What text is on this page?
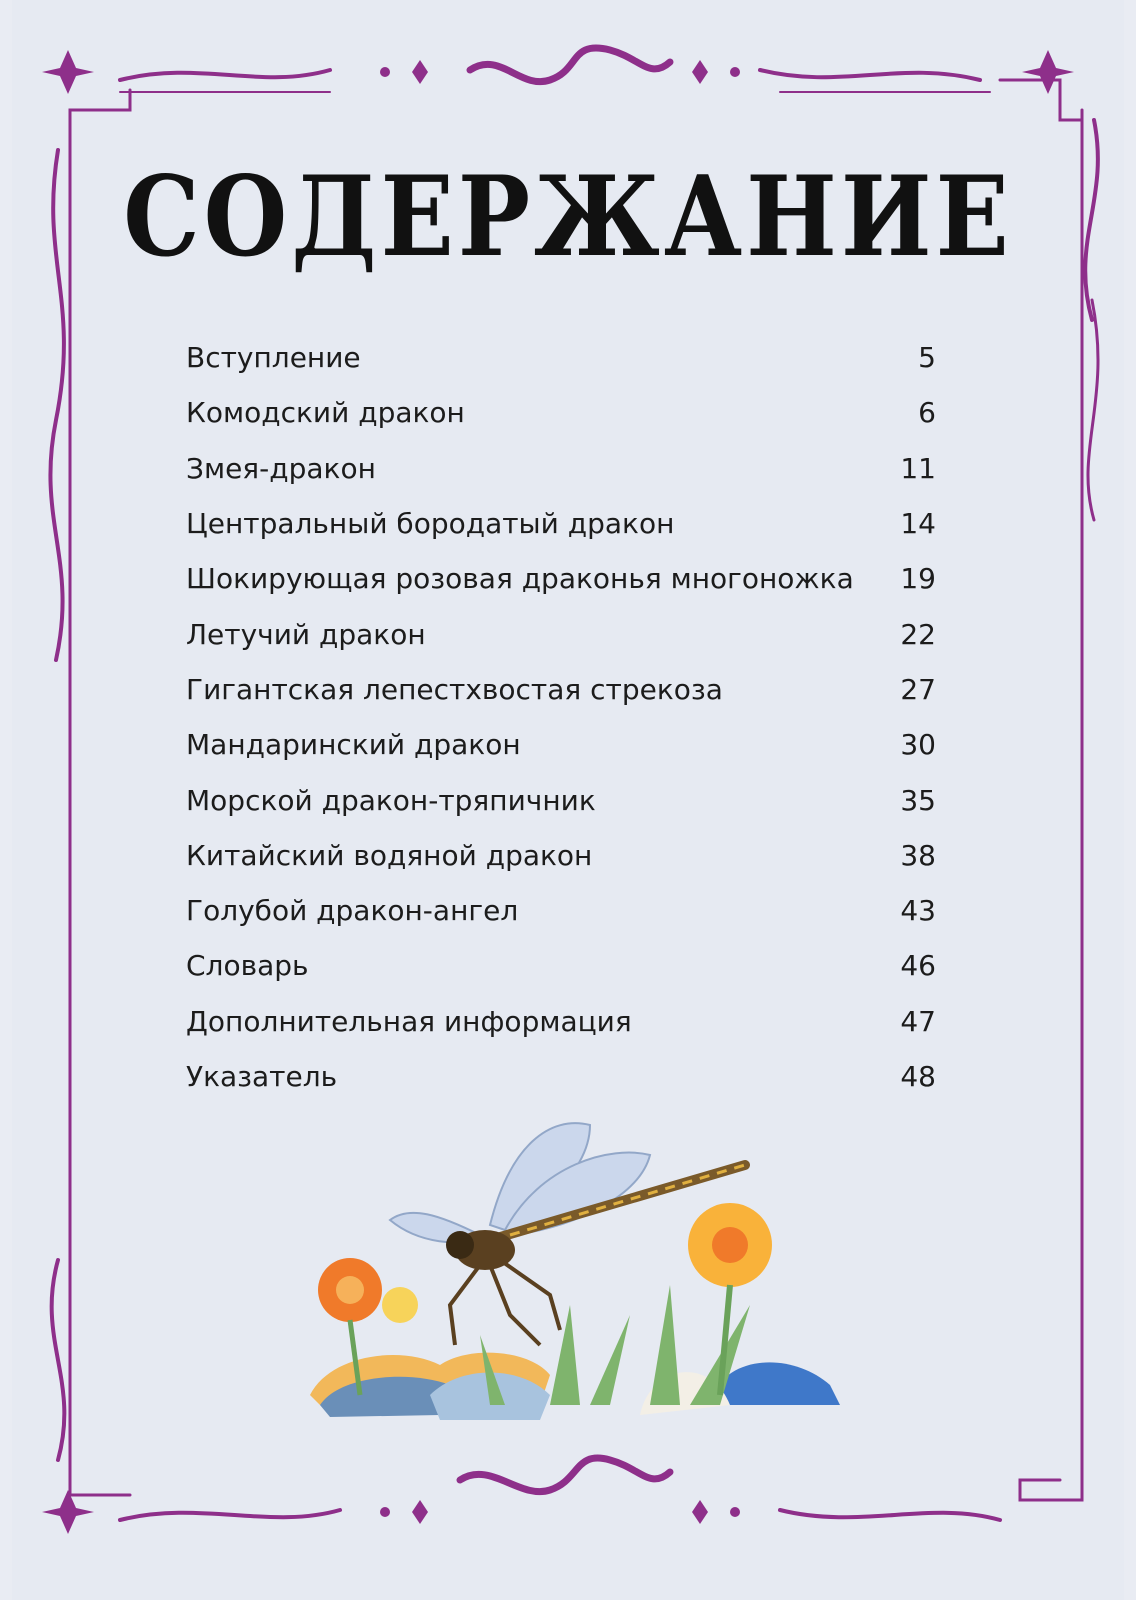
СОДЕРЖАНИЕ
Вступление	5
Комодский дракон	6
Змея-дракон	11
Центральный бородатый дракон	14
Шокирующая розовая драконья многоножка	19
Летучий дракон	22
Гигантская лепестхвостая стрекоза	27
Мандаринский дракон	30
Морской дракон-тряпичник	35
Китайский водяной дракон	38
Голубой дракон-ангел	43
Словарь	46
Дополнительная информация	47
Указатель	48
